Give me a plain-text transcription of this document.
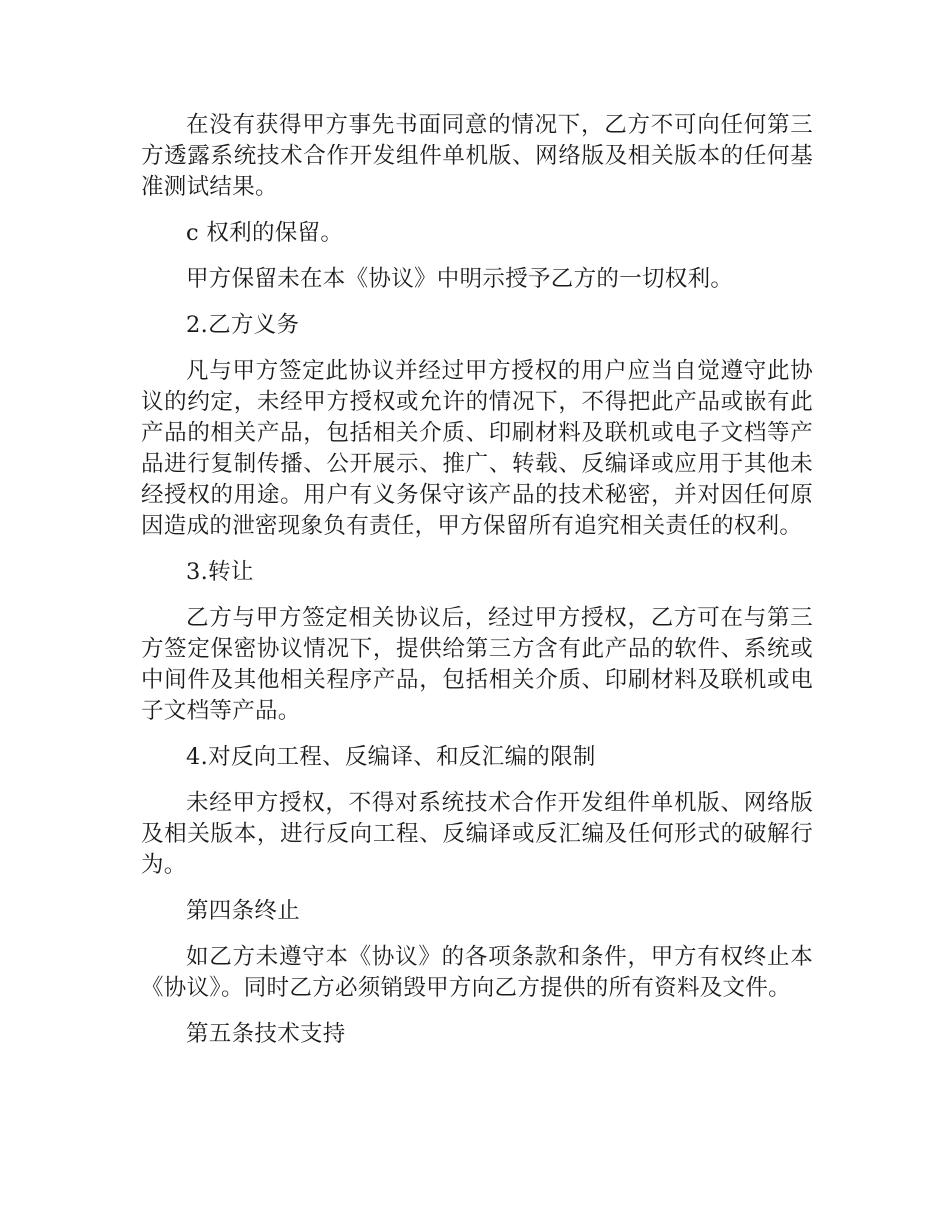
在没有获得甲方事先书面同意的情况下，乙方不可向任何第三方透露系统技术合作开发组件单机版、网络版及相关版本的任何基准测试结果。

c 权利的保留。

甲方保留未在本《协议》中明示授予乙方的一切权利。

2.乙方义务

凡与甲方签定此协议并经过甲方授权的用户应当自觉遵守此协议的约定，未经甲方授权或允许的情况下，不得把此产品或嵌有此产品的相关产品，包括相关介质、印刷材料及联机或电子文档等产品进行复制传播、公开展示、推广、转载、反编译或应用于其他未经授权的用途。用户有义务保守该产品的技术秘密，并对因任何原因造成的泄密现象负有责任，甲方保留所有追究相关责任的权利。

3.转让

乙方与甲方签定相关协议后，经过甲方授权，乙方可在与第三方签定保密协议情况下，提供给第三方含有此产品的软件、系统或中间件及其他相关程序产品，包括相关介质、印刷材料及联机或电子文档等产品。

4.对反向工程、反编译、和反汇编的限制

未经甲方授权，不得对系统技术合作开发组件单机版、网络版及相关版本，进行反向工程、反编译或反汇编及任何形式的破解行为。

第四条终止

如乙方未遵守本《协议》的各项条款和条件，甲方有权终止本《协议》。同时乙方必须销毁甲方向乙方提供的所有资料及文件。

第五条技术支持
